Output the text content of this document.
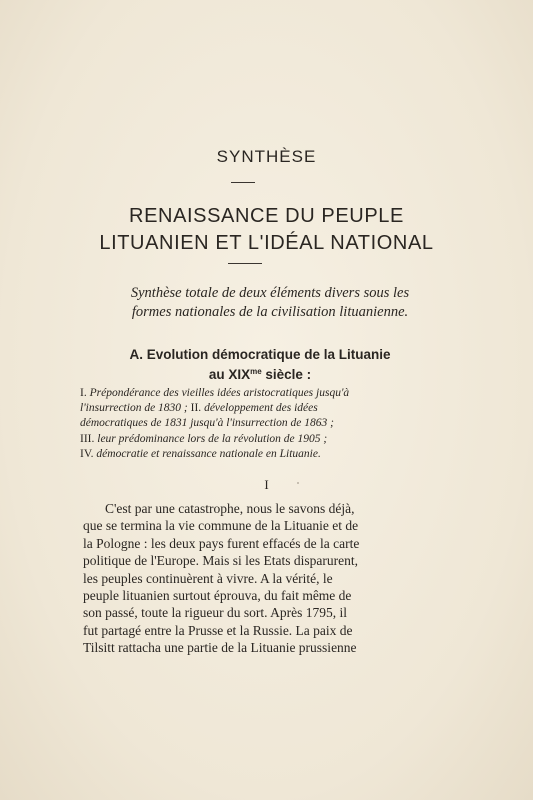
SYNTHÈSE
RENAISSANCE DU PEUPLE
LITUANIEN ET L'IDÉAL NATIONAL
Synthèse totale de deux éléments divers sous les
formes nationales de la civilisation lituanienne.
A. Evolution démocratique de la Lituanie
au $XIX^{me}$ siècle :
I. Prépondérance des vieilles idées aristocratiques jusqu'à
l'insurrection de 1830 ; II. développement des idées
démocratiques de 1831 jusqu'à l'insurrection de 1863 ;
III. leur prédominance lors de la révolution de 1905 ;
IV. démocratie et renaissance nationale en Lituanie.
I
C'est par une catastrophe, nous le savons déjà,
que se termina la vie commune de la Lituanie et de
la Pologne : les deux pays furent effacés de la carte
politique de l'Europe. Mais si les Etats disparurent,
les peuples continuèrent à vivre. A la vérité, le
peuple lituanien surtout éprouva, du fait même de
son passé, toute la rigueur du sort. Après 1795, il
fut partagé entre la Prusse et la Russie. La paix de
Tilsitt rattacha une partie de la Lituanie prussienne
